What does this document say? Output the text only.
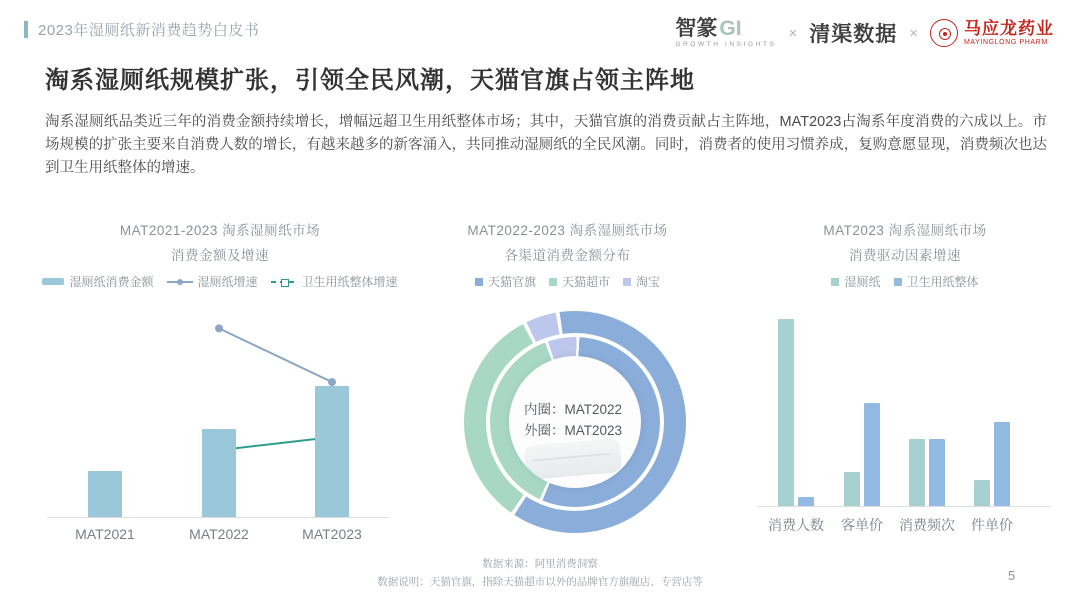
2023年湿厕纸新消费趋势白皮书	智篆 GI
GROWTH INSIGHTS
× 清渠数据 ×	马应龙药业
MAYINGLONG PHARM
淘系湿厕纸规模扩张，引领全民风潮，天猫官旗占领主阵地

淘系湿厕纸品类近三年的消费金额持续增长，增幅远超卫生用纸整体市场；其中，天猫官旗的消费贡献占主阵地，MAT2023占淘系年度消费的六成以上。市场规模的扩张主要来自消费人数的增长，有越来越多的新客涌入，共同推动湿厕纸的全民风潮。同时，消费者的使用习惯养成，复购意愿显现，消费频次也达到卫生用纸整体的增速。

MAT2021-2023 淘系湿厕纸市场
消费金额及增速
湿厕纸消费金额	湿厕纸增速	卫生用纸整体增速
MAT2021	MAT2022	MAT2023
MAT2022-2023 淘系湿厕纸市场
各渠道消费金额分布
天猫官旗 天猫超市 淘宝
内圈：MAT2022
外圈：MAT2023
MAT2023 淘系湿厕纸市场
消费驱动因素增速
湿厕纸 卫生用纸整体
消费人数 客单价 消费频次 件单价
数据来源：阿里消费洞察
数据说明：天猫官旗，指除天猫超市以外的品牌官方旗舰店、专营店等	5
